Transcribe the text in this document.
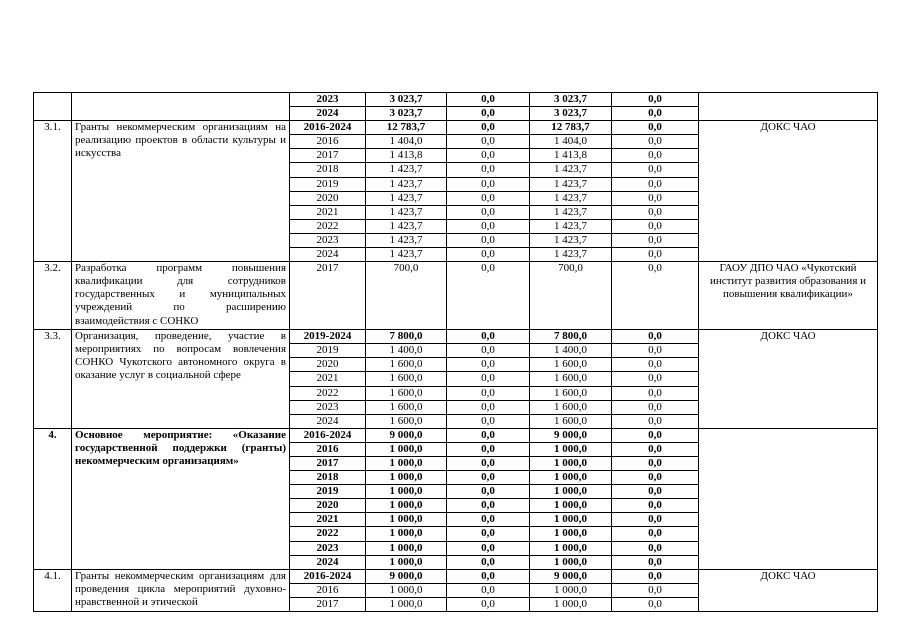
		2023	3 023,7	0,0	3 023,7	0,0	
		2024	3 023,7	0,0	3 023,7	0,0	
3.1.	Гранты некоммерческим организациям на реализацию проектов в области культуры и искусства	2016-2024	12 783,7	0,0	12 783,7	0,0	ДОКС ЧАО
		2016	1 404,0	0,0	1 404,0	0,0	
		2017	1 413,8	0,0	1 413,8	0,0	
		2018	1 423,7	0,0	1 423,7	0,0	
		2019	1 423,7	0,0	1 423,7	0,0	
		2020	1 423,7	0,0	1 423,7	0,0	
		2021	1 423,7	0,0	1 423,7	0,0	
		2022	1 423,7	0,0	1 423,7	0,0	
		2023	1 423,7	0,0	1 423,7	0,0	
		2024	1 423,7	0,0	1 423,7	0,0	
3.2.	Разработка программ повышения квалификации для сотрудников государственных и муниципальных учреждений по расширению взаимодействия с СОНКО	2017	700,0	0,0	700,0	0,0	ГАОУ ДПО ЧАО «Чукотский институт развития образования и повышения квалификации»
3.3.	Организация, проведение, участие в мероприятиях по вопросам вовлечения СОНКО Чукотского автономного округа в оказание услуг в социальной сфере	2019-2024	7 800,0	0,0	7 800,0	0,0	ДОКС ЧАО
		2019	1 400,0	0,0	1 400,0	0,0	
		2020	1 600,0	0,0	1 600,0	0,0	
		2021	1 600,0	0,0	1 600,0	0,0	
		2022	1 600,0	0,0	1 600,0	0,0	
		2023	1 600,0	0,0	1 600,0	0,0	
		2024	1 600,0	0,0	1 600,0	0,0	
4.	Основное мероприятие: «Оказание государственной поддержки (гранты) некоммерческим организациям»	2016-2024	9 000,0	0,0	9 000,0	0,0	
		2016	1 000,0	0,0	1 000,0	0,0	
		2017	1 000,0	0,0	1 000,0	0,0	
		2018	1 000,0	0,0	1 000,0	0,0	
		2019	1 000,0	0,0	1 000,0	0,0	
		2020	1 000,0	0,0	1 000,0	0,0	
		2021	1 000,0	0,0	1 000,0	0,0	
		2022	1 000,0	0,0	1 000,0	0,0	
		2023	1 000,0	0,0	1 000,0	0,0	
		2024	1 000,0	0,0	1 000,0	0,0	
4.1.	Гранты некоммерческим организациям для проведения цикла мероприятий духовно-нравственной и этической	2016-2024	9 000,0	0,0	9 000,0	0,0	ДОКС ЧАО
		2016	1 000,0	0,0	1 000,0	0,0	
		2017	1 000,0	0,0	1 000,0	0,0	
